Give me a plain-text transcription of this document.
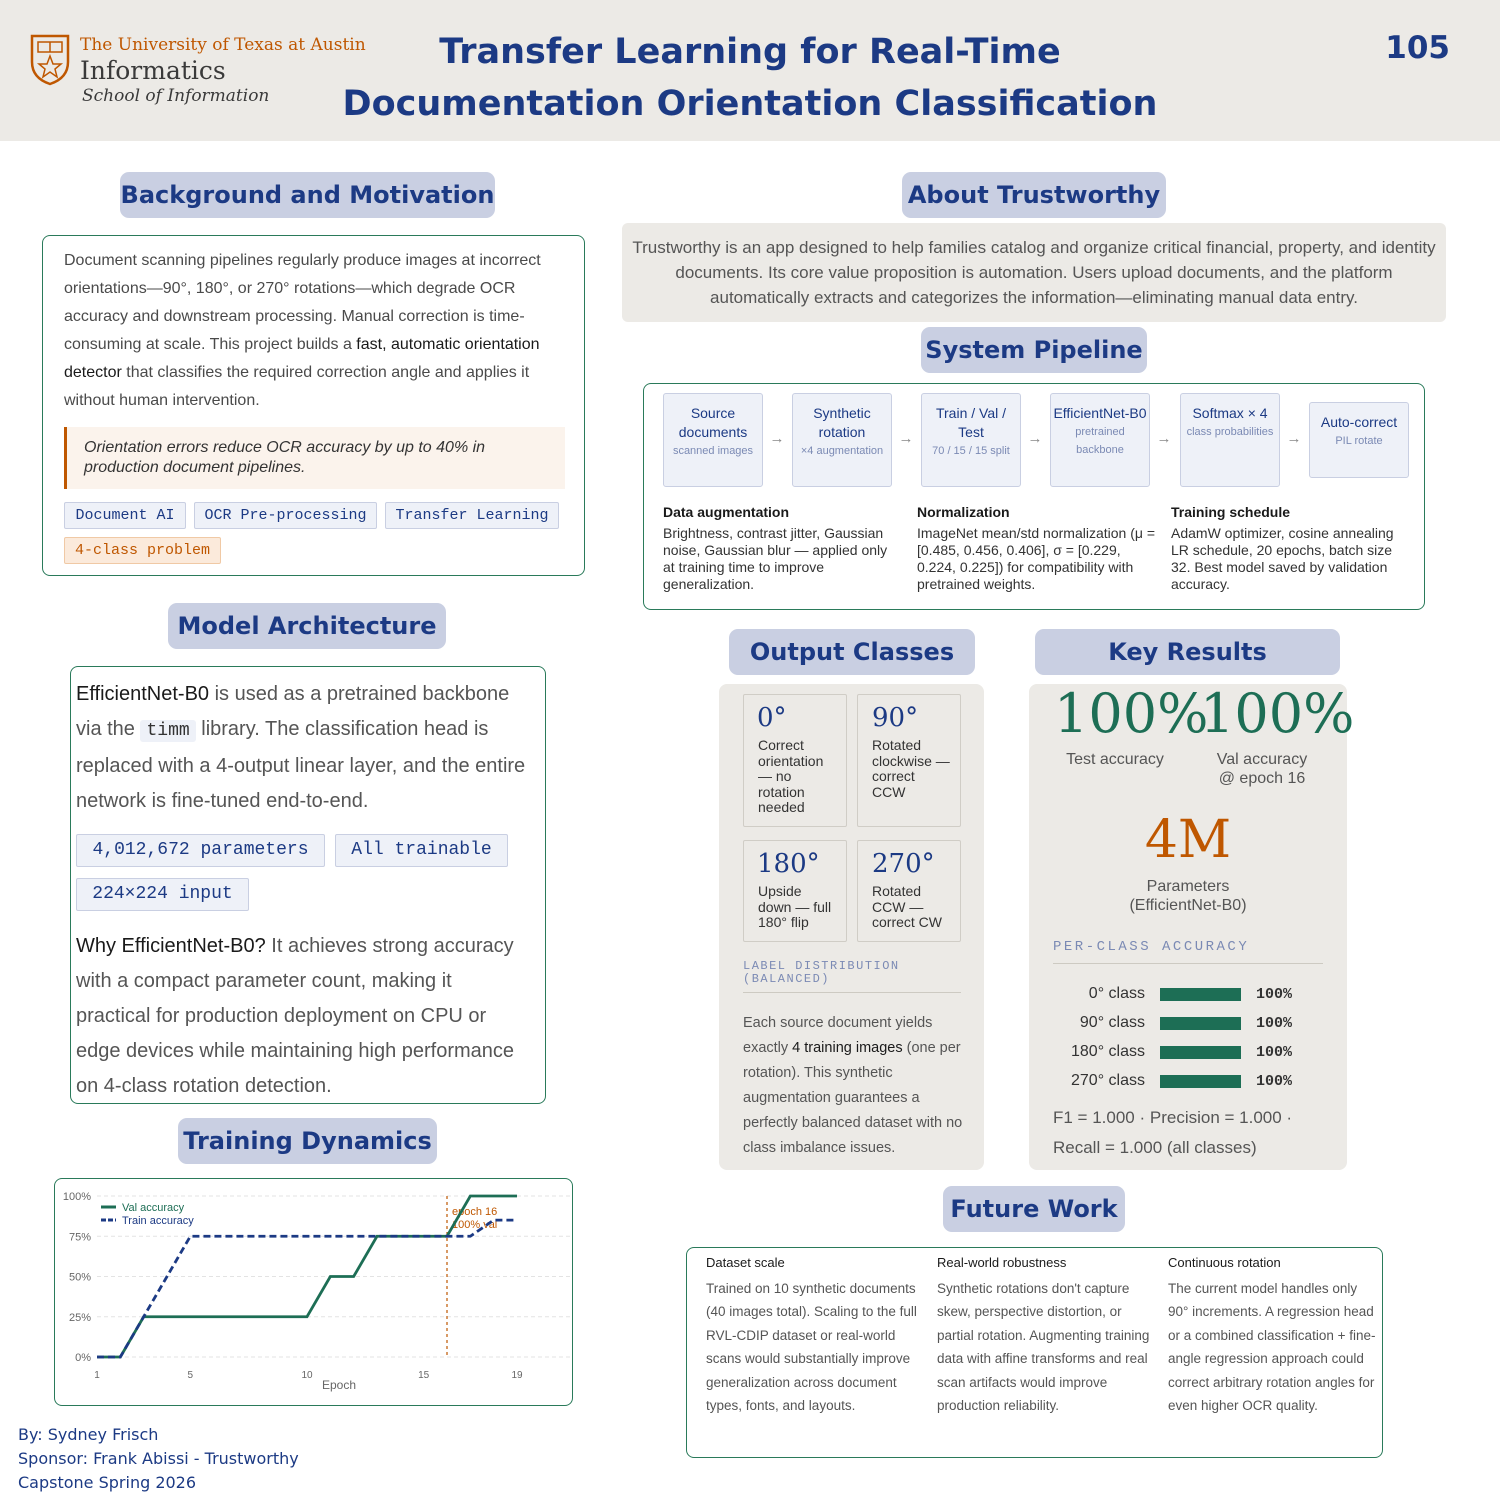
The University of Texas at Austin
Informatics
School of Information
Transfer Learning for Real-Time
Documentation Orientation Classification
105
Background and Motivation
Document scanning pipelines regularly produce images at incorrect orientations—90°, 180°, or 270° rotations—which degrade OCR accuracy and downstream processing. Manual correction is time-consuming at scale. This project builds a fast, automatic orientation detector that classifies the required correction angle and applies it without human intervention.
Orientation errors reduce OCR accuracy by up to 40% in production document pipelines.
Document AI	OCR Pre-processing	Transfer Learning
4-class problem
Model Architecture
EfficientNet-B0 is used as a pretrained backbone via the timm library. The classification head is replaced with a 4-output linear layer, and the entire network is fine-tuned end-to-end.
4,012,672 parameters	All trainable
224×224 input
Why EfficientNet-B0? It achieves strong accuracy with a compact parameter count, making it practical for production deployment on CPU or edge devices while maintaining high performance on 4-class rotation detection.
Training Dynamics
0%
25%
50%
75%
100%
1	5	10	15	19
Epoch
epoch 16
100% val
Val accuracy
Train accuracy
By: Sydney Frisch
Sponsor: Frank Abissi - Trustworthy
Capstone Spring 2026
About Trustworthy
Trustworthy is an app designed to help families catalog and organize critical financial, property, and identity documents. Its core value proposition is automation. Users upload documents, and the platform automatically extracts and categorizes the information—eliminating manual data entry.
System Pipeline
Source documents
scanned images
→
Synthetic rotation
×4 augmentation
→
Train / Val / Test
70 / 15 / 15 split
→
EfficientNet-B0
pretrained backbone
→
Softmax × 4
class probabilities →
Auto-correct
PIL rotate
Data augmentation
Brightness, contrast jitter, Gaussian noise, Gaussian blur — applied only at training time to improve generalization.
Normalization
ImageNet mean/std normalization (μ = [0.485, 0.456, 0.406], σ = [0.229, 0.224, 0.225]) for compatibility with pretrained weights.
Training schedule
AdamW optimizer, cosine annealing LR schedule, 20 epochs, batch size 32. Best model saved by validation accuracy.
Output Classes
0°
Correct orientation — no rotation needed
90°
Rotated clockwise — correct CCW
180°
Upside down — full 180° flip
270°
Rotated CCW — correct CW
LABEL DISTRIBUTION (BALANCED)
Each source document yields exactly 4 training images (one per rotation). This synthetic augmentation guarantees a perfectly balanced dataset with no class imbalance issues.
Key Results
100%
Test accuracy
100%
Val accuracy
@ epoch 16
4M
Parameters
(EfficientNet-B0)
PER-CLASS ACCURACY
0° class	100%
90° class	100%
180° class	100%
270° class	100%
F1 = 1.000 · Precision = 1.000 · Recall = 1.000 (all classes)
Future Work
Dataset scale
Trained on 10 synthetic documents (40 images total). Scaling to the full RVL-CDIP dataset or real-world scans would substantially improve generalization across document types, fonts, and layouts.
Real-world robustness
Synthetic rotations don't capture skew, perspective distortion, or partial rotation. Augmenting training data with affine transforms and real scan artifacts would improve production reliability.
Continuous rotation
The current model handles only 90° increments. A regression head or a combined classification + fine-angle regression approach could correct arbitrary rotation angles for even higher OCR quality.
